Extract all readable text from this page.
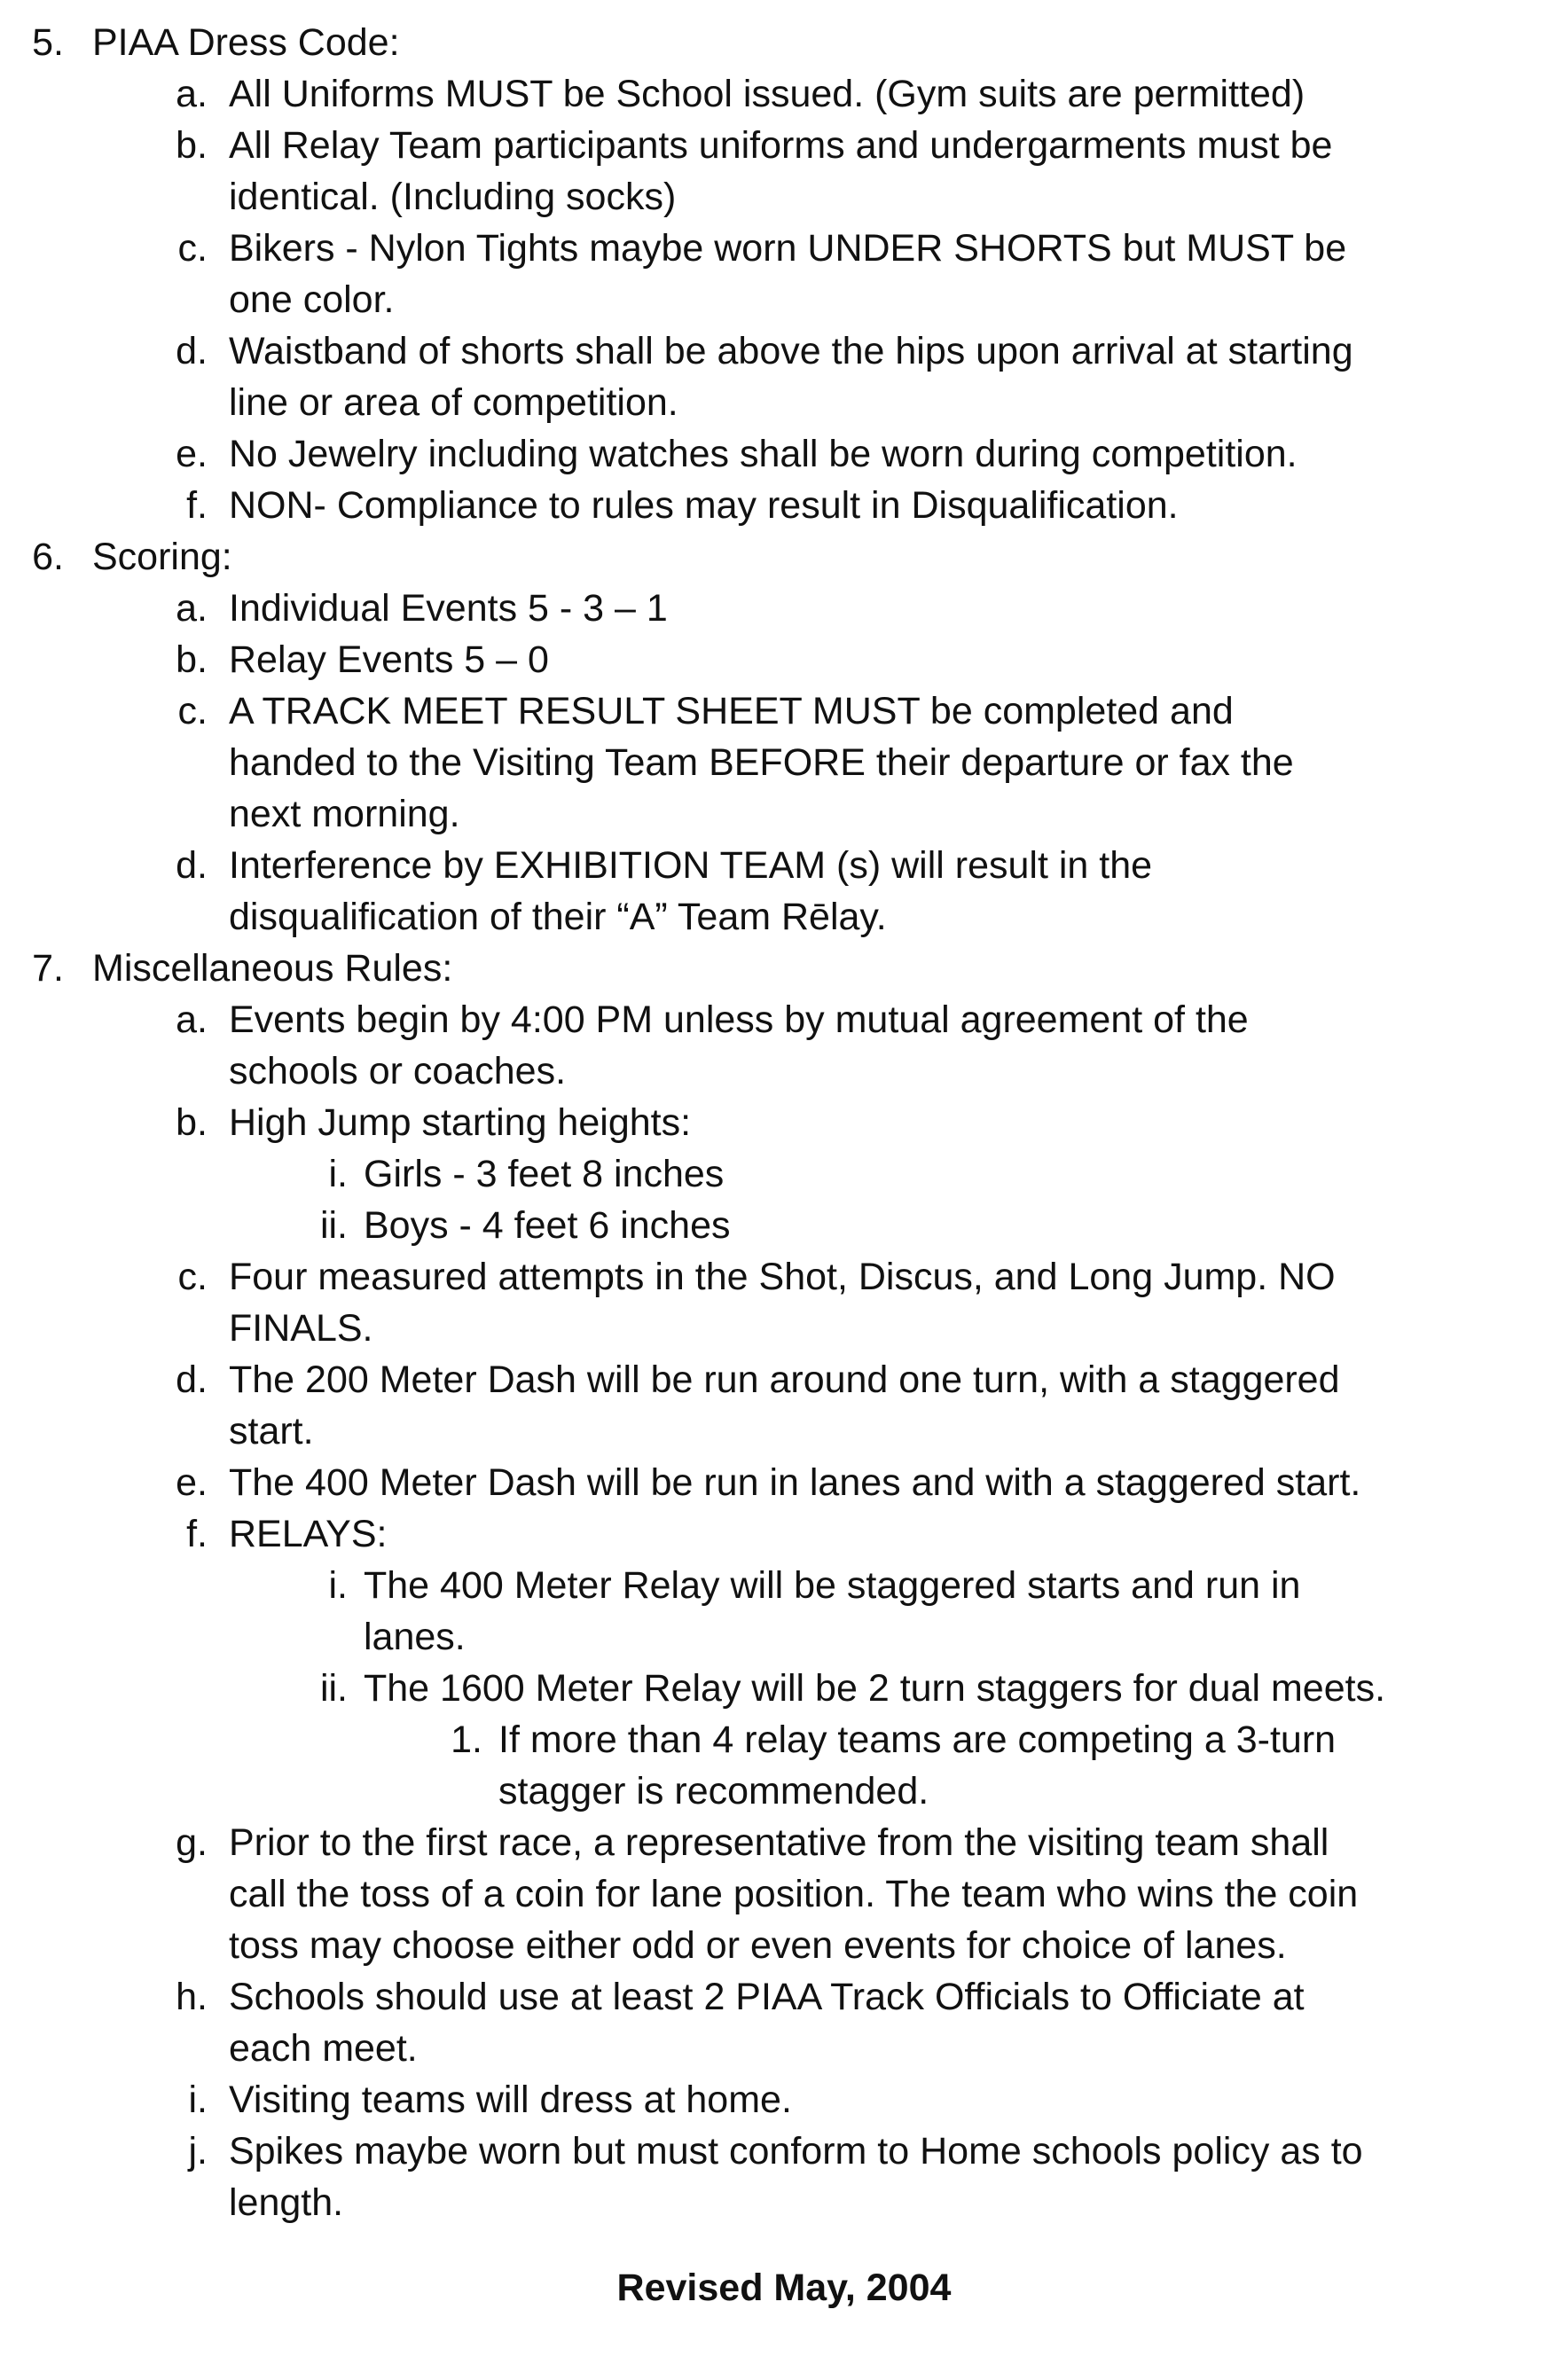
5. PIAA Dress Code:
a. All Uniforms MUST be School issued. (Gym suits are permitted)
b. All Relay Team participants uniforms and undergarments must be
identical. (Including socks)
c. Bikers - Nylon Tights maybe worn UNDER SHORTS but MUST be
one color.
d. Waistband of shorts shall be above the hips upon arrival at starting
line or area of competition.
e. No Jewelry including watches shall be worn during competition.
f. NON- Compliance to rules may result in Disqualification.
6. Scoring:
a. Individual Events 5 - 3 – 1
b. Relay Events 5 – 0
c. A TRACK MEET RESULT SHEET MUST be completed and
handed to the Visiting Team BEFORE their departure or fax the
next morning.
d. Interference by EXHIBITION TEAM (s) will result in the
disqualification of their “A” Team Rēlay.
7. Miscellaneous Rules:
a. Events begin by 4:00 PM unless by mutual agreement of the
schools or coaches.
b. High Jump starting heights:
i. Girls - 3 feet 8 inches
ii. Boys - 4 feet 6 inches
c. Four measured attempts in the Shot, Discus, and Long Jump. NO
FINALS.
d. The 200 Meter Dash will be run around one turn, with a staggered
start.
e. The 400 Meter Dash will be run in lanes and with a staggered start.
f. RELAYS:
i. The 400 Meter Relay will be staggered starts and run in
lanes.
ii. The 1600 Meter Relay will be 2 turn staggers for dual meets.
1. If more than 4 relay teams are competing a 3-turn
stagger is recommended.
g. Prior to the first race, a representative from the visiting team shall
call the toss of a coin for lane position. The team who wins the coin
toss may choose either odd or even events for choice of lanes.
h. Schools should use at least 2 PIAA Track Officials to Officiate at
each meet.
i. Visiting teams will dress at home.
j. Spikes maybe worn but must conform to Home schools policy as to
length.
Revised May, 2004
